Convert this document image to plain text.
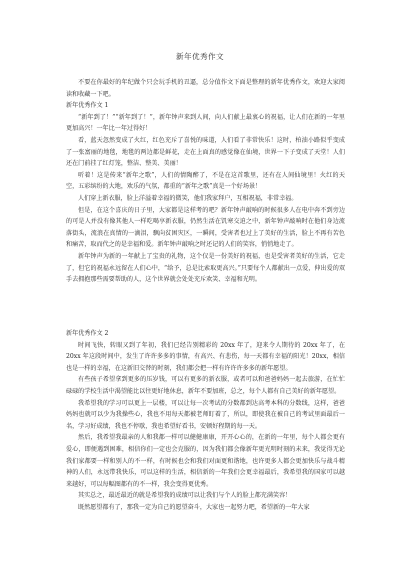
新年优秀作文

不要在你最好的年纪做个只会玩手机的丑逼，总分值作文下面是整理的新年优秀作文，欢迎大家阅读和收藏一下吧。

新年优秀作文 1

“新年到了！”“新年到了！”，新年钟声来到人间，向人们献上最衷心的祝福，让人们在新的一年里更加高兴！一年比一年过得好！

看，蓝天忽然变成了火红，红色充斥了喜悦的味道，人们看了非常快乐！这时，柏油小路似乎变成了一张富丽的地毯，地毯的两边都是鲜花，走在上面真的感觉像在仙境，世界一下子变成了天堂！人们还在门前挂了红灯笼，整洁、整美、美丽！

听着！这是传来“新年之歌”，人们的情陶醉了，不是在这首歌里，还有在人间仙境里！火红的天空，五彩缤纷的大地，欢乐的气氛，都重的“新年之歌”真是一个好场景！

人们穿上新衣服，脸上洋溢着幸福的微笑，他们我家拜户，互相祝福，非常幸福。

但是，在这个喜庆的日子里，大家都是这样考的吧？新年钟声敲响的时候很多人在电中奔不到旁边的可是人并没有像其他人一样吃喝享新衣服，仍然生活在饥寒交迫之中，新年钟声敲响时在他们身边流落街头，流浪在真情的一滴泪，飘向贫困灾区，一瞬间，受害者也过上了美好的生活，脸上不再有苦色和痛苦，取而代之的是幸福和爱。新年钟声敲响之时还记的人们的笑容，悄悄地走了。

新年钟声为新的一年献上了宝贵的礼物，这个仅是一份美好的祝福，也是受害者美好的生活，它走了，但它的祝福永远留在人们心中，“给予，总是比索取更高兴。”只要每个人都献出一点爱，伸出爱的双手去拥抱那些需要帮助的人，这个世界就会处处充斥欢笑、幸福和光明。

新年优秀作文 2

时间飞快，转眼又到了年初，我们已经告别精彩的 20xx 年了，迎来令人期待的 20xx 年了，在 20xx 年这段时间中，发生了许许多多的事情，有高兴、有悲伤，每一天都有幸福的阳光！20xx，相信也是一样的幸福，在这新旧交替的时刻，我们都会把一样有许许许多多的新年愿望。

有些孩子希望拿到更多的压岁钱，可以有更多的新衣服，或者可以和爸爸妈妈一起去旅游，在忙忙碌碌的学校生活中渴望能比以往更好地休息，新年不要加班，总之，每个人都有自己美好的新年愿望。

我希望我的学习可以更上一层楼，可以让每一次考试的分数都到达高考本科的分数线，这样，爸爸妈妈也就可以少为我操些心，我也不用每天都被老师盯着了，所以，即使我在被自己的考试里面最后一名，学习好成绩，我也不停歇，我也希望好看书，安顿好程期的每一天。

然后，我希望我最亲的人和我都一样可以健健康康，开开心心的，在新的一年里，每个人都会更有爱心，即便遇到困难，相信你们一定也会克服的，因为我们都会像新年更光明时刻的未来，我觉得无论我们家都要一样和别人的不一样，有时候也会和我们对面更和谐地，也许更多人都会更加快乐与战斗精神的人们，永远带我快乐，可以这样的生活，相信新的一年我们会更幸福最后，我希望我的国家可以越来越好，可以每幅图都有的不一样，我会变得更优秀。

其实总之，最近最近的就是希望我的成绩可以让我们与个人的脸上都充满笑容！

既然愿望都有了，那我一定为自己的愿望奋斗，大家也一起努力吧，希望新的一年大家
